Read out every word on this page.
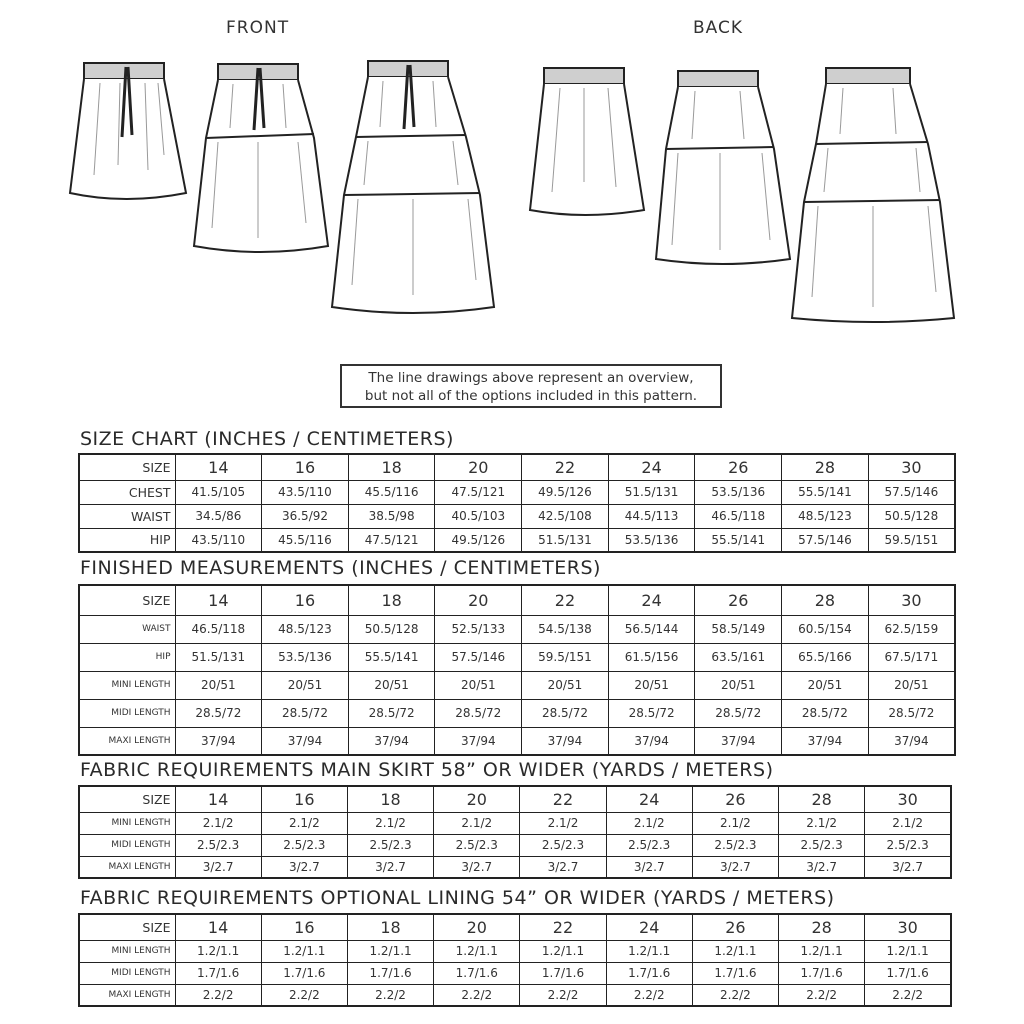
FRONT	BACK
The line drawings above represent an overview,
but not all of the options included in this pattern.
SIZE CHART (INCHES / CENTIMETERS)
SIZE	14	16	18	20	22	24	26	28	30
CHEST	41.5/105	43.5/110	45.5/116	47.5/121	49.5/126	51.5/131	53.5/136	55.5/141	57.5/146
WAIST	34.5/86	36.5/92	38.5/98	40.5/103	42.5/108	44.5/113	46.5/118	48.5/123	50.5/128
HIP	43.5/110	45.5/116	47.5/121	49.5/126	51.5/131	53.5/136	55.5/141	57.5/146	59.5/151
FINISHED MEASUREMENTS (INCHES / CENTIMETERS)
SIZE	14	16	18	20	22	24	26	28	30
WAIST	46.5/118	48.5/123	50.5/128	52.5/133	54.5/138	56.5/144	58.5/149	60.5/154	62.5/159
HIP	51.5/131	53.5/136	55.5/141	57.5/146	59.5/151	61.5/156	63.5/161	65.5/166	67.5/171
MINI LENGTH	20/51	20/51	20/51	20/51	20/51	20/51	20/51	20/51	20/51
MIDI LENGTH	28.5/72	28.5/72	28.5/72	28.5/72	28.5/72	28.5/72	28.5/72	28.5/72	28.5/72
MAXI LENGTH	37/94	37/94	37/94	37/94	37/94	37/94	37/94	37/94	37/94
FABRIC REQUIREMENTS MAIN SKIRT 58” OR WIDER (YARDS / METERS)
SIZE	14	16	18	20	22	24	26	28	30
MINI LENGTH	2.1/2	2.1/2	2.1/2	2.1/2	2.1/2	2.1/2	2.1/2	2.1/2	2.1/2
MIDI LENGTH	2.5/2.3	2.5/2.3	2.5/2.3	2.5/2.3	2.5/2.3	2.5/2.3	2.5/2.3	2.5/2.3	2.5/2.3
MAXI LENGTH	3/2.7	3/2.7	3/2.7	3/2.7	3/2.7	3/2.7	3/2.7	3/2.7	3/2.7
FABRIC REQUIREMENTS OPTIONAL LINING 54” OR WIDER (YARDS / METERS)
SIZE	14	16	18	20	22	24	26	28	30
MINI LENGTH	1.2/1.1	1.2/1.1	1.2/1.1	1.2/1.1	1.2/1.1	1.2/1.1	1.2/1.1	1.2/1.1	1.2/1.1
MIDI LENGTH	1.7/1.6	1.7/1.6	1.7/1.6	1.7/1.6	1.7/1.6	1.7/1.6	1.7/1.6	1.7/1.6	1.7/1.6
MAXI LENGTH	2.2/2	2.2/2	2.2/2	2.2/2	2.2/2	2.2/2	2.2/2	2.2/2	2.2/2
